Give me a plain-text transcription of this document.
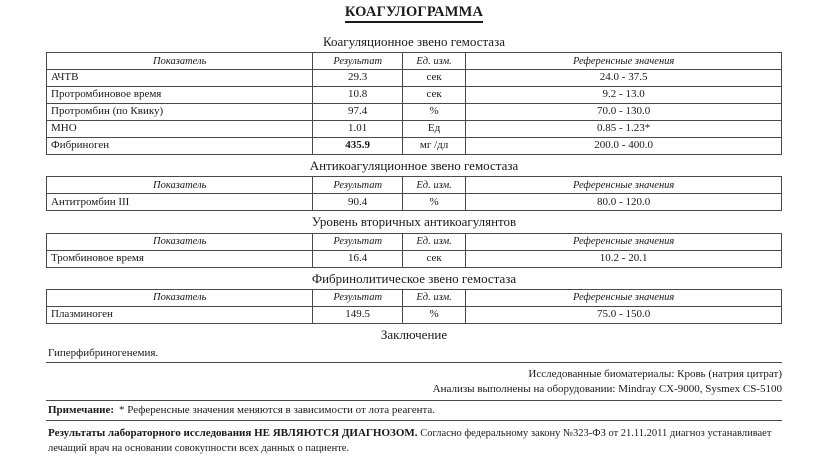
КОАГУЛОГРАММА
Коагуляционное звено гемостаза
Показатель	Результат	Ед. изм.	Референсные значения
АЧТВ	29.3	сек	24.0 - 37.5
Протромбиновое время	10.8	сек	9.2 - 13.0
Протромбин (по Квику)	97.4	%	70.0 - 130.0
МНО	1.01	Ед	0.85 - 1.23*
Фибриноген	435.9	мг /дл	200.0 - 400.0
Антикоагуляционное звено гемостаза
Показатель	Результат	Ед. изм.	Референсные значения
Антитромбин III	90.4	%	80.0 - 120.0
Уровень вторичных антикоагулянтов
Показатель	Результат	Ед. изм.	Референсные значения
Тромбиновое время	16.4	сек	10.2 - 20.1
Фибринолитическое звено гемостаза
Показатель	Результат	Ед. изм.	Референсные значения
Плазминоген	149.5	%	75.0 - 150.0
Заключение
Гиперфибриногенемия.
Исследованные биоматериалы: Кровь (натрия цитрат)
Анализы выполнены на оборудовании: Mindray CX-9000, Sysmex CS-5100
Примечание: * Референсные значения меняются в зависимости от лота реагента.
Результаты лабораторного исследования НЕ ЯВЛЯЮТСЯ ДИАГНОЗОМ. Согласно федеральному закону №323-ФЗ от 21.11.2011 диагноз устанавливает лечащий врач на основании совокупности всех данных о пациенте.
